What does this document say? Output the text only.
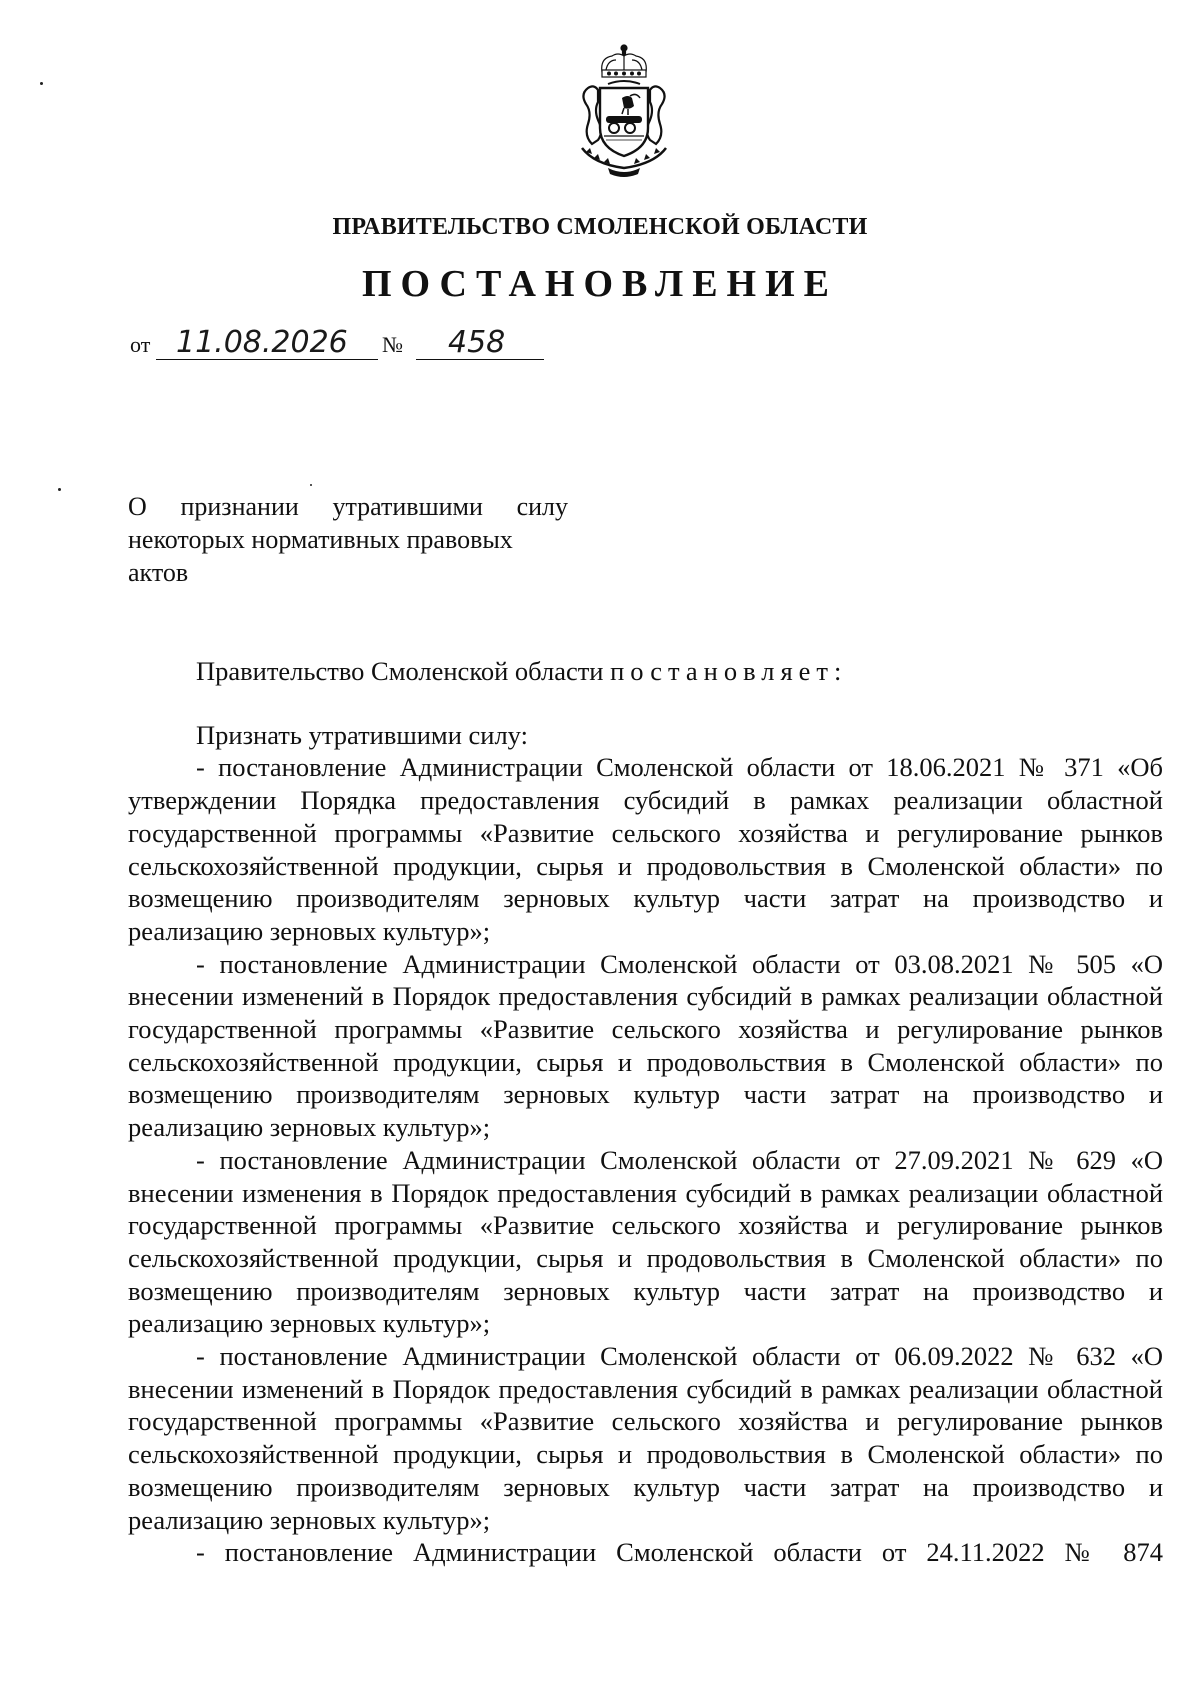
ПРАВИТЕЛЬСТВО СМОЛЕНСКОЙ ОБЛАСТИ
ПОСТАНОВЛЕНИЕ
от 11.08.2026 № 458
О признании утратившими силу
некоторых нормативных правовых
актов

Правительство Смоленской области постановляет:

Признать утратившими силу:

- постановление Администрации Смоленской области от 18.06.2021 № 371 «Об утверждении Порядка предоставления субсидий в рамках реализации областной государственной программы «Развитие сельского хозяйства и регулирование рынков сельскохозяйственной продукции, сырья и продовольствия в Смоленской области» по возмещению производителям зерновых культур части затрат на производство и реализацию зерновых культур»;

- постановление Администрации Смоленской области от 03.08.2021 № 505 «О внесении изменений в Порядок предоставления субсидий в рамках реализации областной государственной программы «Развитие сельского хозяйства и регулирование рынков сельскохозяйственной продукции, сырья и продовольствия в Смоленской области» по возмещению производителям зерновых культур части затрат на производство и реализацию зерновых культур»;

- постановление Администрации Смоленской области от 27.09.2021 № 629 «О внесении изменения в Порядок предоставления субсидий в рамках реализации областной государственной программы «Развитие сельского хозяйства и регулирование рынков сельскохозяйственной продукции, сырья и продовольствия в Смоленской области» по возмещению производителям зерновых культур части затрат на производство и реализацию зерновых культур»;

- постановление Администрации Смоленской области от 06.09.2022 № 632 «О внесении изменений в Порядок предоставления субсидий в рамках реализации областной государственной программы «Развитие сельского хозяйства и регулирование рынков сельскохозяйственной продукции, сырья и продовольствия в Смоленской области» по возмещению производителям зерновых культур части затрат на производство и реализацию зерновых культур»;

- постановление Администрации Смоленской области от 24.11.2022 № 874
